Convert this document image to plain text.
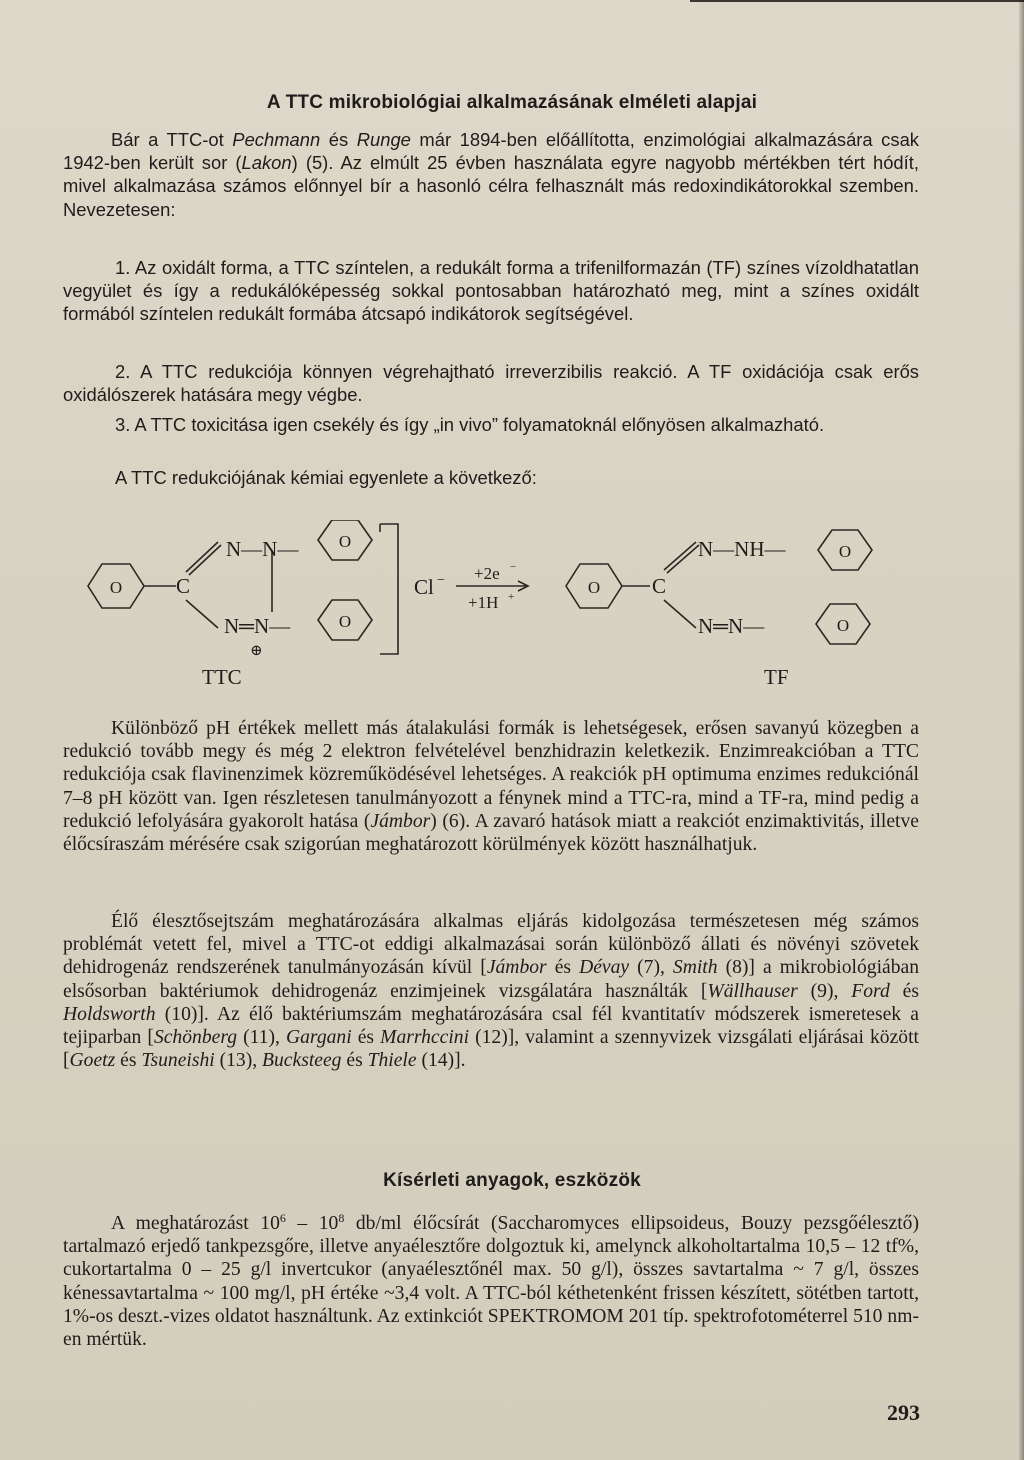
A TTC mikrobiológiai alkalmazásának elméleti alapjai

Bár a TTC-ot Pechmann és Runge már 1894-ben előállította, enzimológiai alkalmazására csak 1942-ben került sor (Lakon) (5). Az elmúlt 25 évben használata egyre nagyobb mértékben tért hódít, mivel alkalmazása számos előnnyel bír a hasonló célra felhasznált más redoxindikátorokkal szemben. Nevezetesen:

1. Az oxidált forma, a TTC színtelen, a redukált forma a trifenilformazán (TF) színes vízoldhatatlan vegyület és így a redukálóképesség sokkal pontosabban határozható meg, mint a színes oxidált formából színtelen redukált formába átcsapó indikátorok segítségével.

2. A TTC redukciója könnyen végrehajtható irreverzibilis reakció. A TF oxidációja csak erős oxidálószerek hatására megy végbe.

3. A TTC toxicitása igen csekély és így „in vivo” folyamatoknál előnyösen alkalmazható.

A TTC redukciójának kémiai egyenlete a következő:

O
O
O
O
O
O
C
N—N—
N═N—
⊕
TTC
Cl − +2e −
+1H +	C
N—NH—
N═N—
TF

Különböző pH értékek mellett más átalakulási formák is lehetségesek, erősen savanyú közegben a redukció tovább megy és még 2 elektron felvételével benzhidrazin keletkezik. Enzimreakcióban a TTC redukciója csak flavinenzimek közreműködésével lehetséges. A reakciók pH optimuma enzimes redukciónál 7–8 pH között van. Igen részletesen tanulmányozott a fénynek mind a TTC-ra, mind a TF-ra, mind pedig a redukció lefolyására gyakorolt hatása (Jámbor) (6). A zavaró hatások miatt a reakciót enzimaktivitás, illetve élőcsíraszám mérésére csak szigorúan meghatározott körülmények között használhatjuk.

Élő élesztősejtszám meghatározására alkalmas eljárás kidolgozása természetesen még számos problémát vetett fel, mivel a TTC-ot eddigi alkalmazásai során különböző állati és növényi szövetek dehidrogenáz rendszerének tanulmányozásán kívül [Jámbor és Dévay (7), Smith (8)] a mikrobiológiában elsősorban baktériumok dehidrogenáz enzimjeinek vizsgálatára használták [Wällhauser (9), Ford és Holdsworth (10)]. Az élő baktériumszám meghatározására csal fél kvantitatív módszerek ismeretesek a tejiparban [Schönberg (11), Gargani és Marrhccini (12)], valamint a szennyvizek vizsgálati eljárásai között [Goetz és Tsuneishi (13), Bucksteeg és Thiele (14)].

Kísérleti anyagok, eszközök

A meghatározást $10^6 - 10^8$ db/ml élőcsírát (Saccharomyces ellipsoideus, Bouzy pezsgőélesztő) tartalmazó erjedő tankpezsgőre, illetve anyaélesztőre dolgoztuk ki, amelynck alkoholtartalma 10,5 – 12 tf%, cukortartalma 0 – 25 g/l invertcukor (anyaélesztőnél max. 50 g/l), összes savtartalma ~ 7 g/l, összes kénessavtartalma ~ 100 mg/l, pH értéke ~3,4 volt. A TTC-ból kéthetenként frissen készített, sötétben tartott, 1%-os deszt.-vizes oldatot használtunk. Az extinkciót SPEKTROMOM 201 típ. spektrofotométerrel 510 nm-en mértük.

293
